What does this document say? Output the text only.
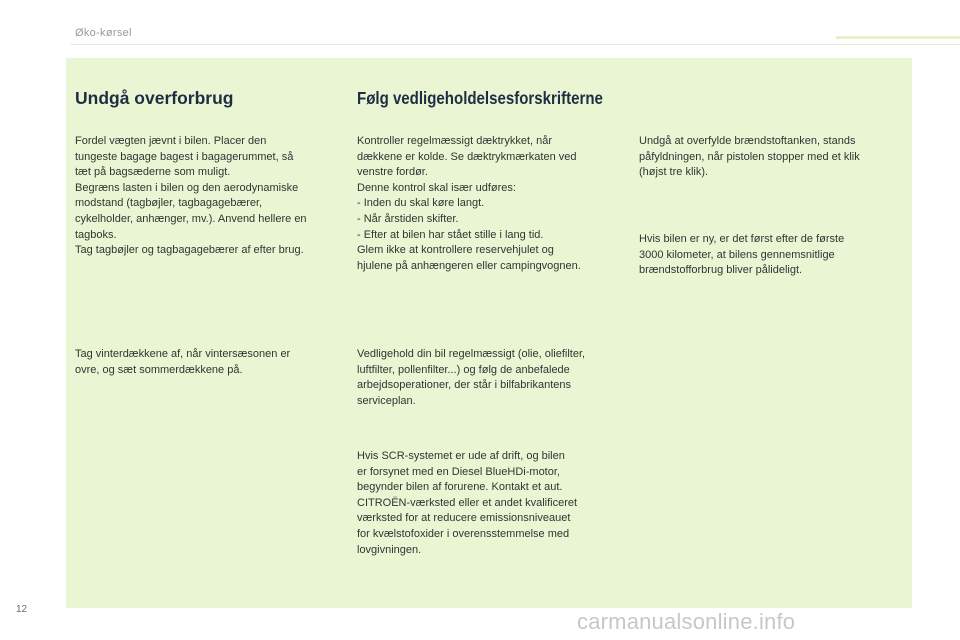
Øko-kørsel
Undgå overforbrug

Fordel vægten jævnt i bilen. Placer den
tungeste bagage bagest i bagagerummet, så
tæt på bagsæderne som muligt.
Begræns lasten i bilen og den aerodynamiske
modstand (tagbøjler, tagbagagebærer,
cykelholder, anhænger, mv.). Anvend hellere en
tagboks.
Tag tagbøjler og tagbagagebærer af efter brug.

Tag vinterdækkene af, når vintersæsonen er
ovre, og sæt sommerdækkene på.

Følg vedligeholdelsesforskrifterne

Kontroller regelmæssigt dæktrykket, når
dækkene er kolde. Se dæktrykmærkaten ved
venstre fordør.
Denne kontrol skal især udføres:
- Inden du skal køre langt.
- Når årstiden skifter.
- Efter at bilen har stået stille i lang tid.
Glem ikke at kontrollere reservehjulet og
hjulene på anhængeren eller campingvognen.

Vedligehold din bil regelmæssigt (olie, oliefilter,
luftfilter, pollenfilter...) og følg de anbefalede
arbejdsoperationer, der står i bilfabrikantens
serviceplan.

Hvis SCR-systemet er ude af drift, og bilen
er forsynet med en Diesel BlueHDi-motor,
begynder bilen af forurene. Kontakt et aut.
CITROËN-værksted eller et andet kvalificeret
værksted for at reducere emissionsniveauet
for kvælstofoxider i overensstemmelse med
lovgivningen.

Undgå at overfylde brændstoftanken, stands
påfyldningen, når pistolen stopper med et klik
(højst tre klik).

Hvis bilen er ny, er det først efter de første
3000 kilometer, at bilens gennemsnitlige
brændstofforbrug bliver pålideligt.

12	carmanualsonline.info
